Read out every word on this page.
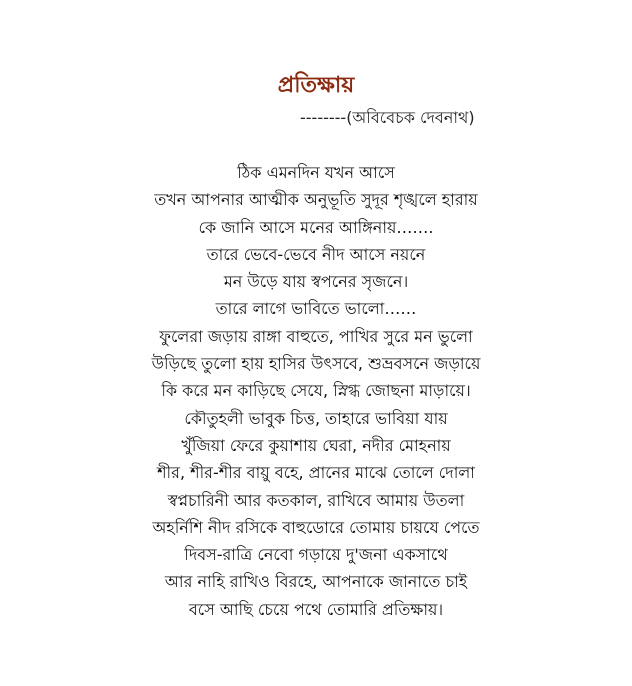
প্রতিক্ষায়
--------(অবিবেচক দেবনাথ)
ঠিক এমনদিন যখন আসে
তখন আপনার আত্মীক অনুভূতি সুদূর শৃঙ্খলে হারায়
কে জানি আসে মনের আঙ্গিনায়…….
তারে ভেবে-ভেবে নীদ আসে নয়নে
মন উড়ে যায় স্বপনের সৃজনে।
তারে লাগে ভাবিতে ভালো……
ফুলেরা জড়ায় রাঙ্গা বাহুতে, পাখির সুরে মন ভুলো
উড়িছে তুলো হায় হাসির উৎসবে, শুভ্রবসনে জড়ায়ে
কি করে মন কাড়িছে সেযে, স্নিগ্ধ জোছনা মাড়ায়ে।
কৌতুহলী ভাবুক চিত্ত, তাহারে ভাবিয়া যায়
খুঁজিয়া ফেরে কুয়াশায় ঘেরা, নদীর মোহনায়
শীর, শীর-শীর বায়ু বহে, প্রানের মাঝে তোলে দোলা
স্বপ্নচারিনী আর কতকাল, রাখিবে আমায় উতলা
অহর্নিশি নীদ রসিকে বাহুডোরে তোমায় চায়যে পেতে
দিবস-রাত্রি নেবো গড়ায়ে দু'জনা একসাথে
আর নাহি রাখিও বিরহে, আপনাকে জানাতে চাই
বসে আছি চেয়ে পথে তোমারি প্রতিক্ষায়।
